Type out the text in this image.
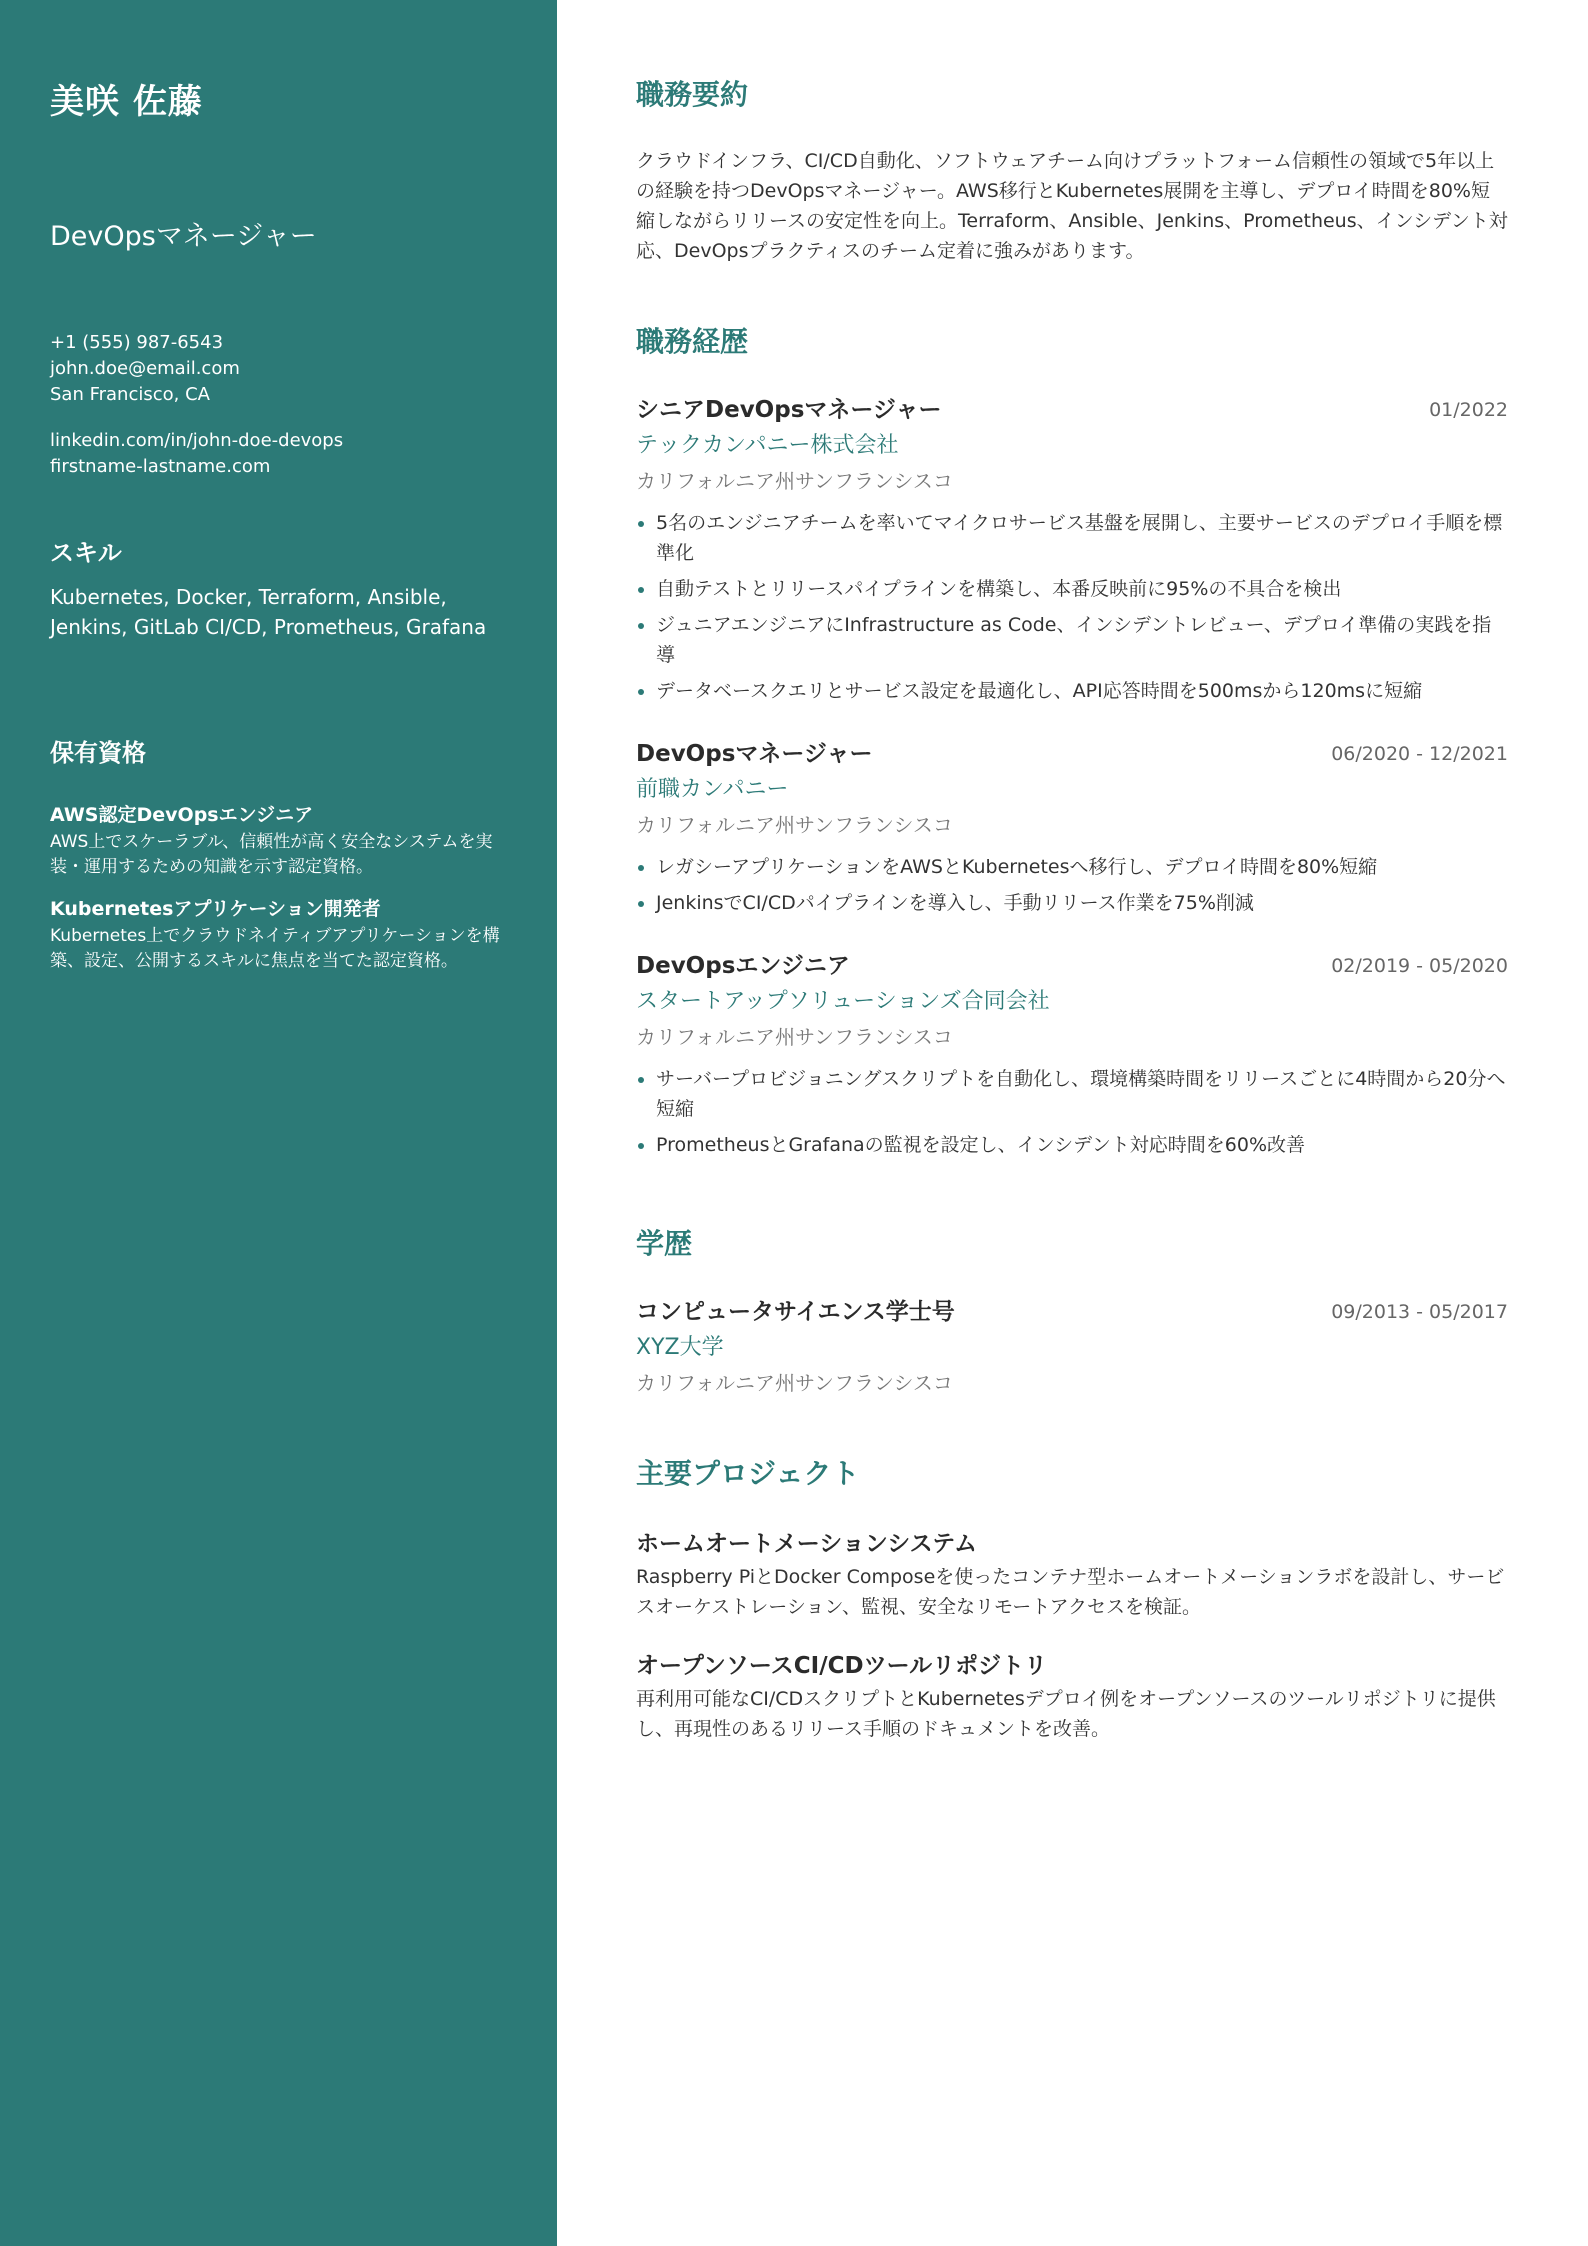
美咲 佐藤
DevOpsマネージャー
+1 (555) 987-6543
john.doe@email.com
San Francisco, CA
linkedin.com/in/john-doe-devops
firstname-lastname.com
スキル
Kubernetes, Docker, Terraform, Ansible, Jenkins, GitLab CI/CD, Prometheus, Grafana
保有資格
AWS認定DevOpsエンジニア
AWS上でスケーラブル、信頼性が高く安全なシステムを実装・運用するための知識を示す認定資格。
Kubernetesアプリケーション開発者
Kubernetes上でクラウドネイティブアプリケーションを構築、設定、公開するスキルに焦点を当てた認定資格。
職務要約
クラウドインフラ、CI/CD自動化、ソフトウェアチーム向けプラットフォーム信頼性の領域で5年以上の経験を持つDevOpsマネージャー。AWS移行とKubernetes展開を主導し、デプロイ時間を80%短縮しながらリリースの安定性を向上。Terraform、Ansible、Jenkins、Prometheus、インシデント対応、DevOpsプラクティスのチーム定着に強みがあります。
職務経歴
シニアDevOpsマネージャー	01/2022
テックカンパニー株式会社
カリフォルニア州サンフランシスコ
5名のエンジニアチームを率いてマイクロサービス基盤を展開し、主要サービスのデプロイ手順を標準化
自動テストとリリースパイプラインを構築し、本番反映前に95%の不具合を検出
ジュニアエンジニアにInfrastructure as Code、インシデントレビュー、デプロイ準備の実践を指導
データベースクエリとサービス設定を最適化し、API応答時間を500msから120msに短縮
DevOpsマネージャー	06/2020 - 12/2021
前職カンパニー
カリフォルニア州サンフランシスコ
レガシーアプリケーションをAWSとKubernetesへ移行し、デプロイ時間を80%短縮
JenkinsでCI/CDパイプラインを導入し、手動リリース作業を75%削減
DevOpsエンジニア	02/2019 - 05/2020
スタートアップソリューションズ合同会社
カリフォルニア州サンフランシスコ
サーバープロビジョニングスクリプトを自動化し、環境構築時間をリリースごとに4時間から20分へ短縮
PrometheusとGrafanaの監視を設定し、インシデント対応時間を60%改善
学歴
コンピュータサイエンス学士号	09/2013 - 05/2017
XYZ大学
カリフォルニア州サンフランシスコ
主要プロジェクト
ホームオートメーションシステム
Raspberry PiとDocker Composeを使ったコンテナ型ホームオートメーションラボを設計し、サービスオーケストレーション、監視、安全なリモートアクセスを検証。
オープンソースCI/CDツールリポジトリ
再利用可能なCI/CDスクリプトとKubernetesデプロイ例をオープンソースのツールリポジトリに提供し、再現性のあるリリース手順のドキュメントを改善。
